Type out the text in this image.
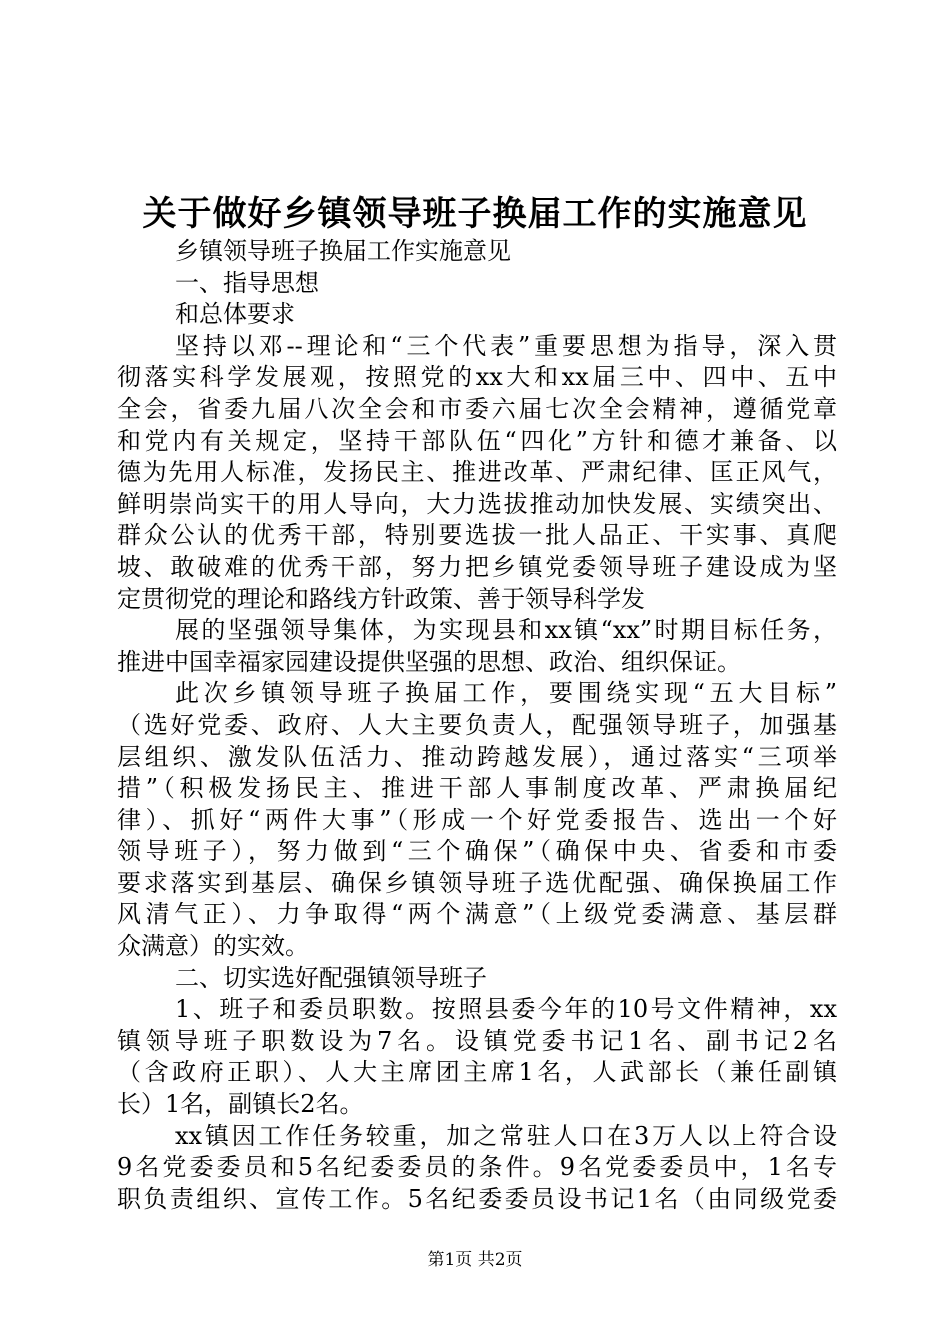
关于做好乡镇领导班子换届工作的实施意见
乡镇领导班子换届工作实施意见
一、指导思想
和总体要求
坚持以邓--理论和“三个代表”重要思想为指导，深入贯
彻落实科学发展观，按照党的xx大和xx届三中、四中、五中
全会，省委九届八次全会和市委六届七次全会精神，遵循党章
和党内有关规定，坚持干部队伍“四化”方针和德才兼备、以
德为先用人标准，发扬民主、推进改革、严肃纪律、匡正风气，
鲜明崇尚实干的用人导向，大力选拔推动加快发展、实绩突出、
群众公认的优秀干部，特别要选拔一批人品正、干实事、真爬
坡、敢破难的优秀干部，努力把乡镇党委领导班子建设成为坚
定贯彻党的理论和路线方针政策、善于领导科学发
展的坚强领导集体，为实现县和xx镇“xx”时期目标任务，
推进中国幸福家园建设提供坚强的思想、政治、组织保证。
此次乡镇领导班子换届工作，要围绕实现“五大目标”
（选好党委、政府、人大主要负责人，配强领导班子，加强基
层组织、激发队伍活力、推动跨越发展），通过落实“三项举
措”（积极发扬民主、推进干部人事制度改革、严肃换届纪
律）、抓好“两件大事”（形成一个好党委报告、选出一个好
领导班子），努力做到“三个确保”（确保中央、省委和市委
要求落实到基层、确保乡镇领导班子选优配强、确保换届工作
风清气正）、力争取得“两个满意”（上级党委满意、基层群
众满意）的实效。
二、切实选好配强镇领导班子
1、班子和委员职数。按照县委今年的10号文件精神，xx
镇领导班子职数设为7名。设镇党委书记1名、副书记2名
（含政府正职）、人大主席团主席1名，人武部长（兼任副镇
长）1名，副镇长2名。
xx镇因工作任务较重，加之常驻人口在3万人以上符合设
9名党委委员和5名纪委委员的条件。9名党委委员中，1名专
职负责组织、宣传工作。5名纪委委员设书记1名（由同级党委
第1页 共2页
